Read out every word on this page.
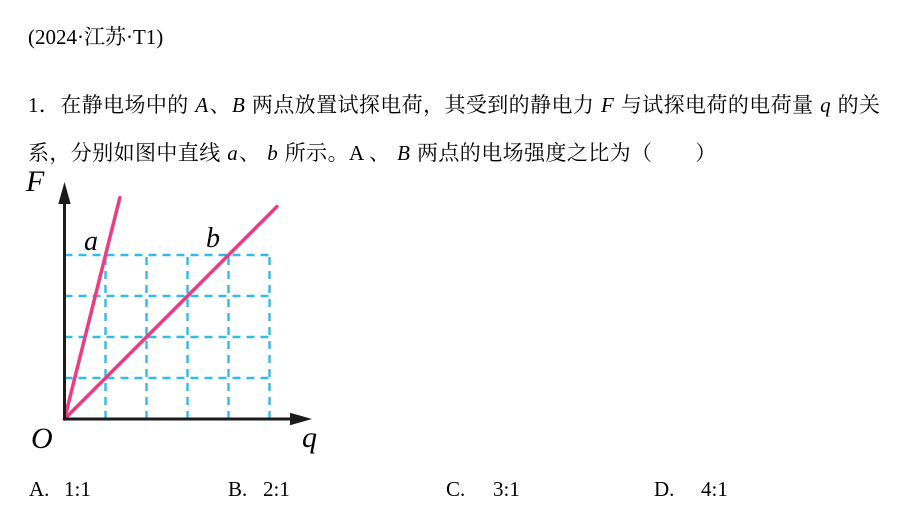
(2024·江苏·T1)

1．在静电场中的 A、B 两点放置试探电荷，其受到的静电力 F 与试探电荷的电荷量 q 的关

系，分别如图中直线 a、 b 所示。A 、 B 两点的电场强度之比为（　　）

F
O	q
a	b
A. 1:1	B. 2:1	C. 3:1	D. 4:1
